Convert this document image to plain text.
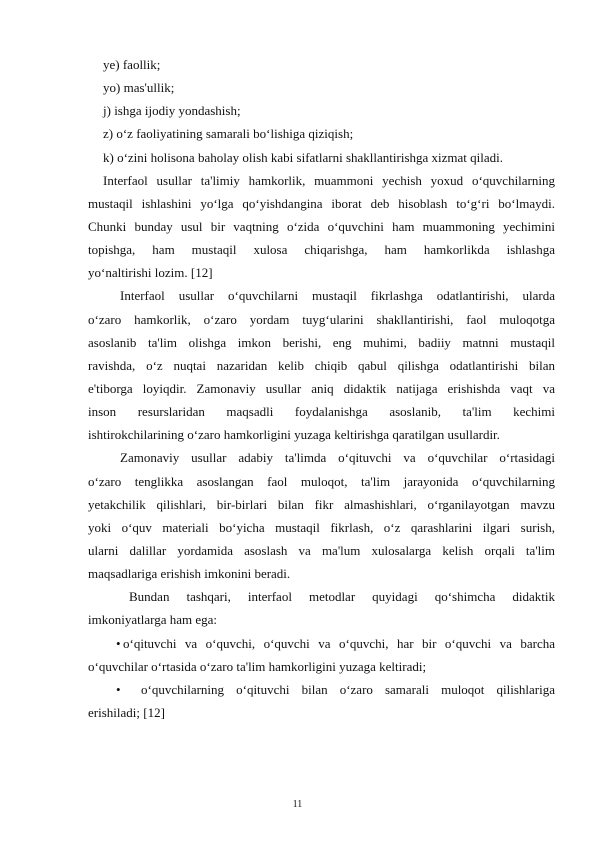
ye) faollik;
yo) mas'ullik;
j) ishga ijodiy yondashish;
z) o‘z faoliyatining samarali bo‘lishiga qiziqish;
k) o‘zini holisona baholay olish kabi sifatlarni shakllantirishga xizmat qiladi.
Interfaol usullar ta'limiy hamkorlik, muammoni yechish yoxud o‘quvchilarning
mustaqil ishlashini yo‘lga qo‘yishdangina iborat deb hisoblash to‘g‘ri bo‘lmaydi.
Chunki bunday usul bir vaqtning o‘zida o‘quvchini ham muammoning yechimini
topishga, ham mustaqil xulosa chiqarishga, ham hamkorlikda ishlashga
yo‘naltirishi lozim. [12]
Interfaol usullar o‘quvchilarni mustaqil fikrlashga odatlantirishi, ularda
o‘zaro hamkorlik, o‘zaro yordam tuyg‘ularini shakllantirishi, faol muloqotga
asoslanib ta'lim olishga imkon berishi, eng muhimi, badiiy matnni mustaqil
ravishda, o‘z nuqtai nazaridan kelib chiqib qabul qilishga odatlantirishi bilan
e'tiborga loyiqdir. Zamonaviy usullar aniq didaktik natijaga erishishda vaqt va
inson resurslaridan maqsadli foydalanishga asoslanib, ta'lim kechimi
ishtirokchilarining o‘zaro hamkorligini yuzaga keltirishga qaratilgan usullardir.
Zamonaviy usullar adabiy ta'limda o‘qituvchi va o‘quvchilar o‘rtasidagi
o‘zaro tenglikka asoslangan faol muloqot, ta'lim jarayonida o‘quvchilarning
yetakchilik qilishlari, bir-birlari bilan fikr almashishlari, o‘rganilayotgan mavzu
yoki o‘quv materiali bo‘yicha mustaqil fikrlash, o‘z qarashlarini ilgari surish,
ularni dalillar yordamida asoslash va ma'lum xulosalarga kelish orqali ta'lim
maqsadlariga erishish imkonini beradi.
Bundan tashqari, interfaol metodlar quyidagi qo‘shimcha didaktik
imkoniyatlarga ham ega:
• o‘qituvchi va o‘quvchi, o‘quvchi va o‘quvchi, har bir o‘quvchi va barcha
o‘quvchilar o‘rtasida o‘zaro ta'lim hamkorligini yuzaga keltiradi;
• o‘quvchilarning o‘qituvchi bilan o‘zaro samarali muloqot qilishlariga
erishiladi; [12]
11
